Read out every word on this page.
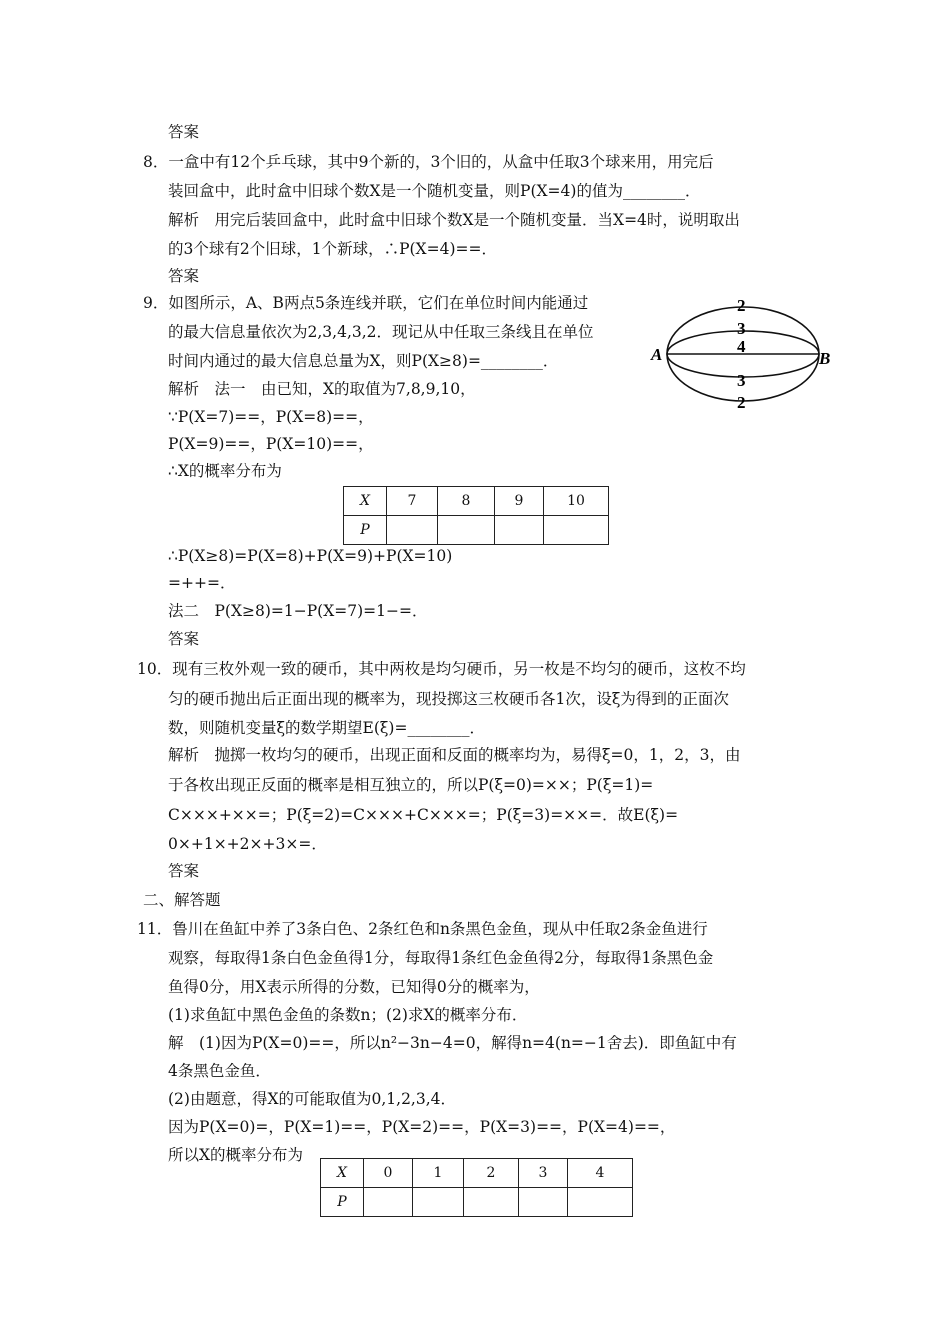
答案
8．一盒中有12个乒乓球，其中9个新的，3个旧的，从盒中任取3个球来用，用完后
装回盒中，此时盒中旧球个数X是一个随机变量，则P(X=4)的值为________．
解析　用完后装回盒中，此时盒中旧球个数X是一个随机变量．当X=4时，说明取出
的3个球有2个旧球，1个新球，∴P(X=4)==．
答案
9．如图所示，A、B两点5条连线并联，它们在单位时间内能通过
的最大信息量依次为2,3,4,3,2．现记从中任取三条线且在单位
时间内通过的最大信息总量为X，则P(X≥8)=________．
解析　法一　由已知，X的取值为7,8,9,10，
∵P(X=7)==，P(X=8)==，
P(X=9)==，P(X=10)==，
∴X的概率分布为
A	B
2
3
4
3
2
X	7	8	9	10
P				
∴P(X≥8)=P(X=8)+P(X=9)+P(X=10)
=++=．
法二　P(X≥8)=1−P(X=7)=1−=．
答案
10．现有三枚外观一致的硬币，其中两枚是均匀硬币，另一枚是不均匀的硬币，这枚不均
匀的硬币抛出后正面出现的概率为，现投掷这三枚硬币各1次，设ξ为得到的正面次
数，则随机变量ξ的数学期望E(ξ)=________．
解析　抛掷一枚均匀的硬币，出现正面和反面的概率均为，易得ξ=0，1，2，3，由
于各枚出现正反面的概率是相互独立的，所以P(ξ=0)=××；P(ξ=1)=
C×××+××=；P(ξ=2)=C×××+C×××=；P(ξ=3)=××=．故E(ξ)=
0×+1×+2×+3×=．
答案
二、解答题
11．鲁川在鱼缸中养了3条白色、2条红色和n条黑色金鱼，现从中任取2条金鱼进行
观察，每取得1条白色金鱼得1分，每取得1条红色金鱼得2分，每取得1条黑色金
鱼得0分，用X表示所得的分数，已知得0分的概率为，
(1)求鱼缸中黑色金鱼的条数n；(2)求X的概率分布．
解　(1)因为P(X=0)==，所以n²−3n−4=0，解得n=4(n=−1舍去)．即鱼缸中有
4条黑色金鱼．
(2)由题意，得X的可能取值为0,1,2,3,4．
因为P(X=0)=，P(X=1)==，P(X=2)==，P(X=3)==，P(X=4)==，
所以X的概率分布为
X	0	1	2	3	4
P					
